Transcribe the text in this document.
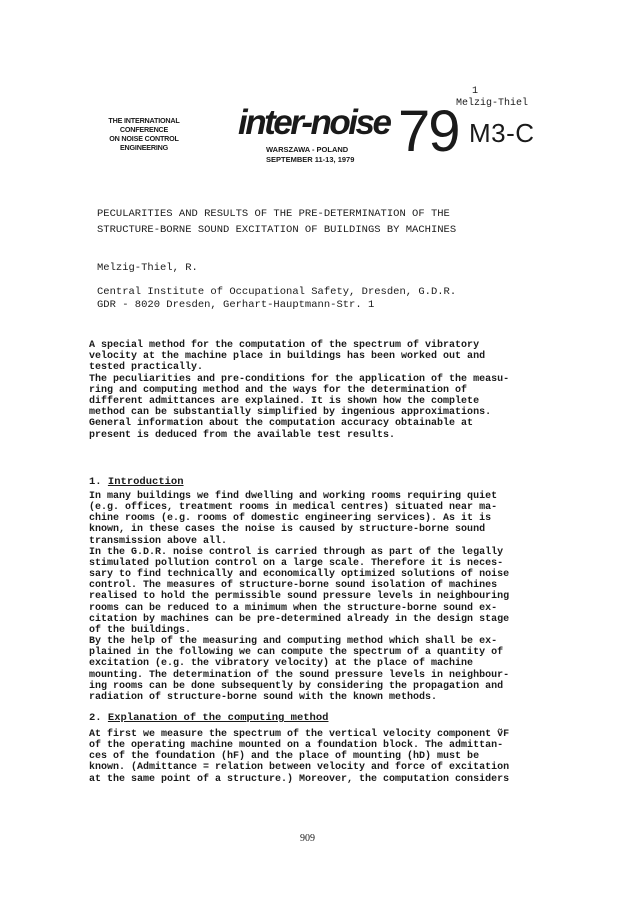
1
Melzig-Thiel
THE INTERNATIONAL
CONFERENCE
ON NOISE CONTROL
ENGINEERING
inter-noise 79
WARSZAWA - POLAND
SEPTEMBER 11-13, 1979
M3-C
PECULARITIES AND RESULTS OF THE PRE-DETERMINATION OF THE
STRUCTURE-BORNE SOUND EXCITATION OF BUILDINGS BY MACHINES
Melzig-Thiel, R.
Central Institute of Occupational Safety, Dresden, G.D.R.
GDR - 8020 Dresden, Gerhart-Hauptmann-Str. 1
A special method for the computation of the spectrum of vibratory
velocity at the machine place in buildings has been worked out and
tested practically.
The peculiarities and pre-conditions for the application of the measu-
ring and computing method and the ways for the determination of
different admittances are explained. It is shown how the complete
method can be substantially simplified by ingenious approximations.
General information about the computation accuracy obtainable at
present is deduced from the available test results.
1. Introduction
In many buildings we find dwelling and working rooms requiring quiet
(e.g. offices, treatment rooms in medical centres) situated near ma-
chine rooms (e.g. rooms of domestic engineering services). As it is
known, in these cases the noise is caused by structure-borne sound
transmission above all.
In the G.D.R. noise control is carried through as part of the legally
stimulated pollution control on a large scale. Therefore it is neces-
sary to find technically and economically optimized solutions of noise
control. The measures of structure-borne sound isolation of machines
realised to hold the permissible sound pressure levels in neighbouring
rooms can be reduced to a minimum when the structure-borne sound ex-
citation by machines can be pre-determined already in the design stage
of the buildings.
By the help of the measuring and computing method which shall be ex-
plained in the following we can compute the spectrum of a quantity of
excitation (e.g. the vibratory velocity) at the place of machine
mounting. The determination of the sound pressure levels in neighbour-
ing rooms can be done subsequently by considering the propagation and
radiation of structure-borne sound with the known methods.
2. Explanation of the computing method
At first we measure the spectrum of the vertical velocity component ṽF
of the operating machine mounted on a foundation block. The admittan-
ces of the foundation (hF) and the place of mounting (hD) must be
known. (Admittance = relation between velocity and force of excitation
at the same point of a structure.) Moreover, the computation considers
909
